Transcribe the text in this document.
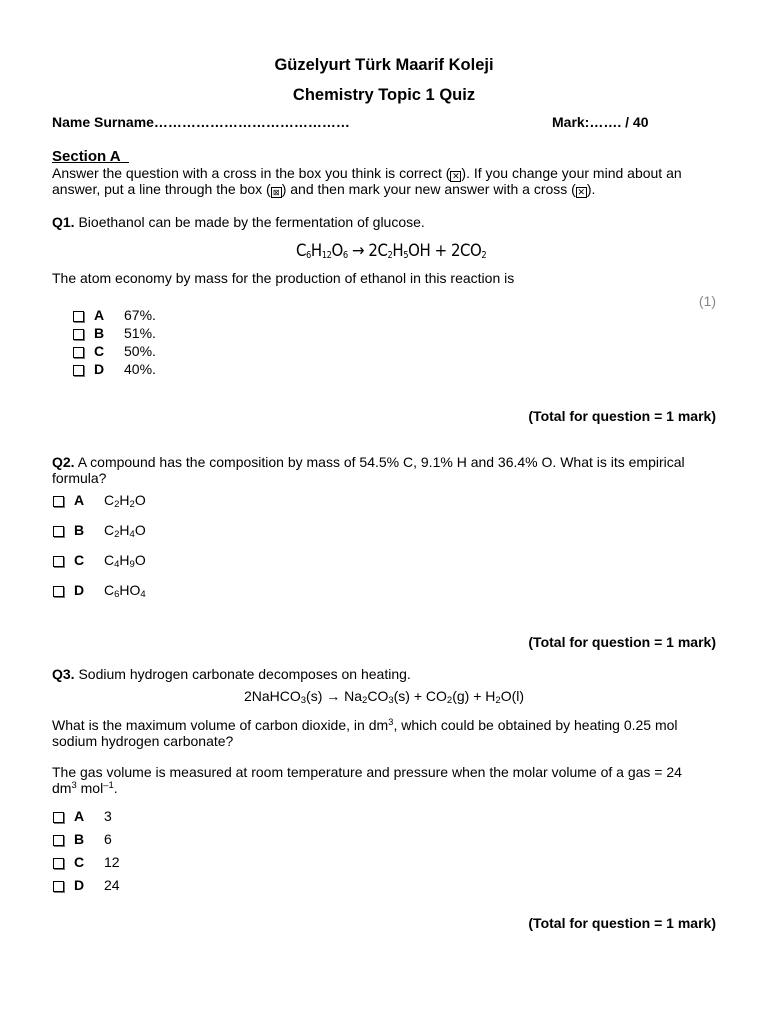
Güzelyurt Türk Maarif Koleji
Chemistry Topic 1 Quiz
Name Surname……………………………………	Mark:……. / 40
Section A
Answer the question with a cross in the box you think is correct ( ✕ ). If you change your mind about an
answer, put a line through the box ( ⊠ ) and then mark your new answer with a cross ( ✕ ).
Q1. Bioethanol can be made by the fermentation of glucose.
$C_6H_{12}O_6 \to 2C_2H_5OH + 2CO_2$
The atom economy by mass for the production of ethanol in this reaction is
(1)
A 67%.
B 51%.
C 50%.
D 40%.
(Total for question = 1 mark)
Q2. A compound has the composition by mass of 54.5% C, 9.1% H and 36.4% O. What is its empirical
formula?
A $C_2H_2O$
B $C_2H_4O$
C $C_4H_9O$
D $C_6HO_4$
(Total for question = 1 mark)
Q3. Sodium hydrogen carbonate decomposes on heating.
2NaHCO$_3$(s) → $Na_2CO_3(s) + CO_2(g) + H_2O(l)$
What is the maximum volume of carbon dioxide, in $dm^3$, which could be obtained by heating 0.25 mol
sodium hydrogen carbonate?
The gas volume is measured at room temperature and pressure when the molar volume of a gas = 24
$dm^3$ mol$^{-1}$.
A 3
B 6
C 12
D 24
(Total for question = 1 mark)
